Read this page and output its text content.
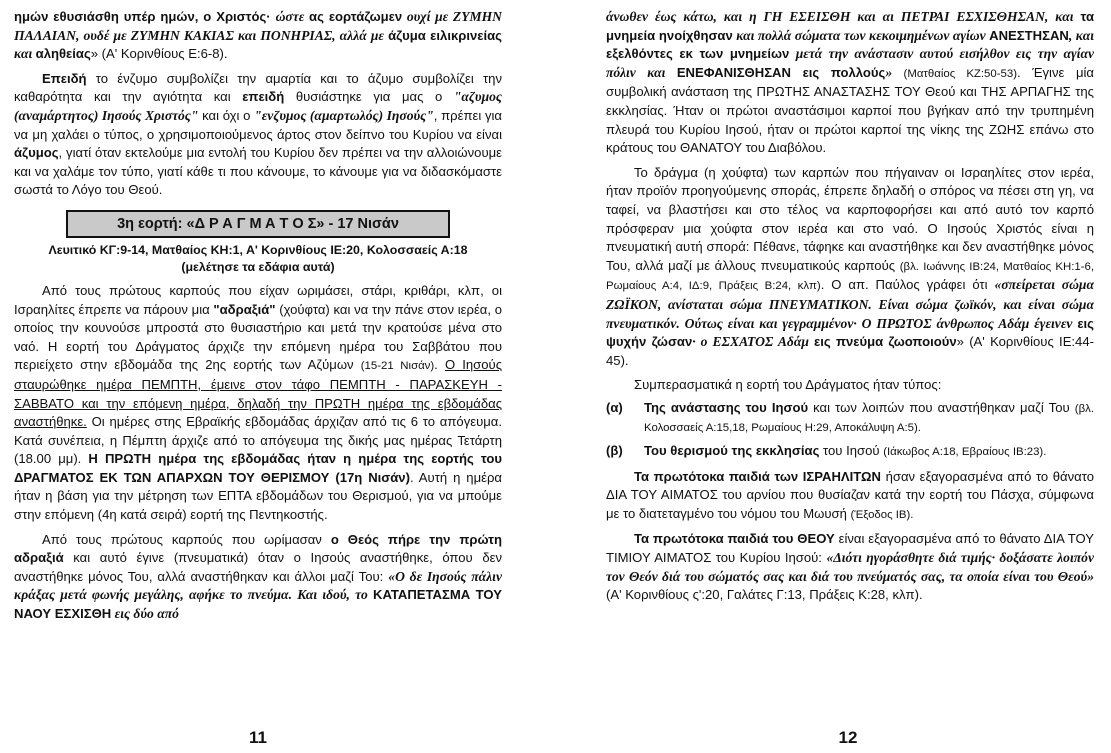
ημών εθυσιάσθη υπέρ ημών, ο Χριστός· ώστε ας εορτάζωμεν ουχί με ΖΥΜΗΝ ΠΑΛΑΙΑΝ, ουδέ με ΖΥΜΗΝ ΚΑΚΙΑΣ και ΠΟΝΗΡΙΑΣ, αλλά με άζυμα ειλικρινείας και αληθείας» (Α' Κορινθίους Ε:6-8).

Επειδή το ένζυμο συμβολίζει την αμαρτία και το άζυμο συμβολίζει την καθαρότητα και την αγιότητα και επειδή θυσιάστηκε για μας ο "αζυμος (αναμάρτητος) Ιησούς Χριστός" και όχι ο "ενζυμος (αμαρτωλός) Ιησούς", πρέπει για να μη χαλάει ο τύπος, ο χρησιμοποιούμενος άρτος στον δείπνο του Κυρίου να είναι άζυμος, γιατί όταν εκτελούμε μια εντολή του Κυρίου δεν πρέπει να την αλλοιώνουμε και να χαλάμε τον τύπο, γιατί κάθε τι που κάνουμε, το κάνουμε για να διδασκόμαστε σωστά το Λόγο του Θεού.

3η εορτή: «Δ Ρ Α Γ Μ Α Τ Ο Σ» - 17 Νισάν
Λευιτικό ΚΓ:9-14, Ματθαίος ΚΗ:1, Α' Κορινθίους ΙΕ:20, Κολοσσαείς Α:18
(μελέτησε τα εδάφια αυτά)

Από τους πρώτους καρπούς που είχαν ωριμάσει, στάρι, κριθάρι, κλπ, οι Ισραηλίτες έπρεπε να πάρουν μια "αδραξιά" (χούφτα) και να την πάνε στον ιερέα, ο οποίος την κουνούσε μπροστά στο θυσιαστήριο και μετά την κρατούσε μένα στο ναό. Η εορτή του Δράγματος άρχιζε την επόμενη ημέρα του Σαββάτου που περιείχετο στην εβδομάδα της 2ης εορτής των Αζύμων (15-21 Νισάν). Ο Ιησούς σταυρώθηκε ημέρα ΠΕΜΠΤΗ, έμεινε στον τάφο ΠΕΜΠΤΗ - ΠΑΡΑΣΚΕΥΗ - ΣΑΒΒΑΤΟ και την επόμενη ημέρα, δηλαδή την ΠΡΩΤΗ ημέρα της εβδομάδας αναστήθηκε. Οι ημέρες στης Εβραϊκής εβδομάδας άρχιζαν από τις 6 το απόγευμα. Κατά συνέπεια, η Πέμπτη άρχιζε από το απόγευμα της δικής μας ημέρας Τετάρτη (18.00 μμ). Η ΠΡΩΤΗ ημέρα της εβδομάδας ήταν η ημέρα της εορτής του ΔΡΑΓΜΑΤΟΣ ΕΚ ΤΩΝ ΑΠΑΡΧΩΝ ΤΟΥ ΘΕΡΙΣΜΟΥ (17η Νισάν). Αυτή η ημέρα ήταν η βάση για την μέτρηση των ΕΠΤΑ εβδομάδων του Θερισμού, για να μπούμε στην επόμενη (4η κατά σειρά) εορτή της Πεντηκοστής.

Από τους πρώτους καρπούς που ωρίμασαν ο Θεός πήρε την πρώτη αδραξιά και αυτό έγινε (πνευματικά) όταν ο Ιησούς αναστήθηκε, όπου δεν αναστήθηκε μόνος Του, αλλά αναστήθηκαν και άλλοι μαζί Του: «Ο δε Ιησούς πάλιν κράξας μετά φωνής μεγάλης, αφήκε το πνεύμα. Και ιδού, το ΚΑΤΑΠΕΤΑΣΜΑ ΤΟΥ ΝΑΟΥ ΕΣΧΙΣΘΗ εις δύο από

11

άνωθεν έως κάτω, και η ΓΗ ΕΣΕΙΣΘΗ και αι ΠΕΤΡΑΙ ΕΣΧΙΣΘΗΣΑΝ, και τα μνημεία ηνοίχθησαν και πολλά σώματα των κεκοιμημένων αγίων ΑΝΕΣΤΗΣΑΝ, και εξελθόντες εκ των μνημείων μετά την ανάστασιν αυτού εισήλθον εις την αγίαν πόλιν και ΕΝΕΦΑΝΙΣΘΗΣΑΝ εις πολλούς» (Ματθαίος ΚΖ:50-53). Έγινε μία συμβολική ανάσταση της ΠΡΩΤΗΣ ΑΝΑΣΤΑΣΗΣ ΤΟΥ Θεού και ΤΗΣ ΑΡΠΑΓΗΣ της εκκλησίας. Ήταν οι πρώτοι αναστάσιμοι καρποί που βγήκαν από την τρυπημένη πλευρά του Κυρίου Ιησού, ήταν οι πρώτοι καρποί της νίκης της ΖΩΗΣ επάνω στο κράτους του ΘΑΝΑΤΟΥ του Διαβόλου.

Το δράγμα (η χούφτα) των καρπών που πήγαιναν οι Ισραηλίτες στον ιερέα, ήταν προϊόν προηγούμενης σποράς, έπρεπε δηλαδή ο σπόρος να πέσει στη γη, να ταφεί, να βλαστήσει και στο τέλος να καρποφορήσει και από αυτό τον καρπό πρόσφεραν μια χούφτα στον ιερέα και στο ναό. Ο Ιησούς Χριστός είναι η πνευματική αυτή σπορά: Πέθανε, τάφηκε και αναστήθηκε και δεν αναστήθηκε μόνος Του, αλλά μαζί με άλλους πνευματικούς καρπούς (βλ. Ιωάννης ΙΒ:24, Ματθαίος ΚΗ:1-6, Ρωμαίους Α:4, ΙΔ:9, Πράξεις Β:24, κλπ). Ο απ. Παύλος γράφει ότι «σπείρεται σώμα ΖΩΪΚΟΝ, ανίσταται σώμα ΠΝΕΥΜΑΤΙΚΟΝ. Είναι σώμα ζωϊκόν, και είναι σώμα πνευματικόν. Ούτως είναι και γεγραμμένον· Ο ΠΡΩΤΟΣ άνθρωπος Αδάμ έγεινεν εις ψυχήν ζώσαν· ο ΕΣΧΑΤΟΣ Αδάμ εις πνεύμα ζωοποιούν» (Α' Κορινθίους ΙΕ:44-45).

Συμπερασματικά η εορτή του Δράγματος ήταν τύπος:

(α)	Της ανάστασης του Ιησού και των λοιπών που αναστήθηκαν μαζί Του (βλ. Κολοσσαείς Α:15,18, Ρωμαίους Η:29, Αποκάλυψη Α:5).

(β)	Του θερισμού της εκκλησίας του Ιησού (Ιάκωβος Α:18, Εβραίους ΙΒ:23).

Τα πρωτότοκα παιδιά των ΙΣΡΑΗΛΙΤΩΝ ήσαν εξαγορασμένα από το θάνατο ΔΙΑ ΤΟΥ ΑΙΜΑΤΟΣ του αρνίου που θυσίαζαν κατά την εορτή του Πάσχα, σύμφωνα με το διατεταγμένο του νόμου του Μωυσή (Έξοδος ΙΒ).

Τα πρωτότοκα παιδιά του ΘΕΟΥ είναι εξαγορασμένα από το θάνατο ΔΙΑ ΤΟΥ ΤΙΜΙΟΥ ΑΙΜΑΤΟΣ του Κυρίου Ιησού: «Διότι ηγοράσθητε διά τιμής· δοξάσατε λοιπόν τον Θεόν διά του σώματός σας και διά του πνεύματός σας, τα οποία είναι του Θεού» (Α' Κορινθίους ς':20, Γαλάτες Γ:13, Πράξεις Κ:28, κλπ).

12
